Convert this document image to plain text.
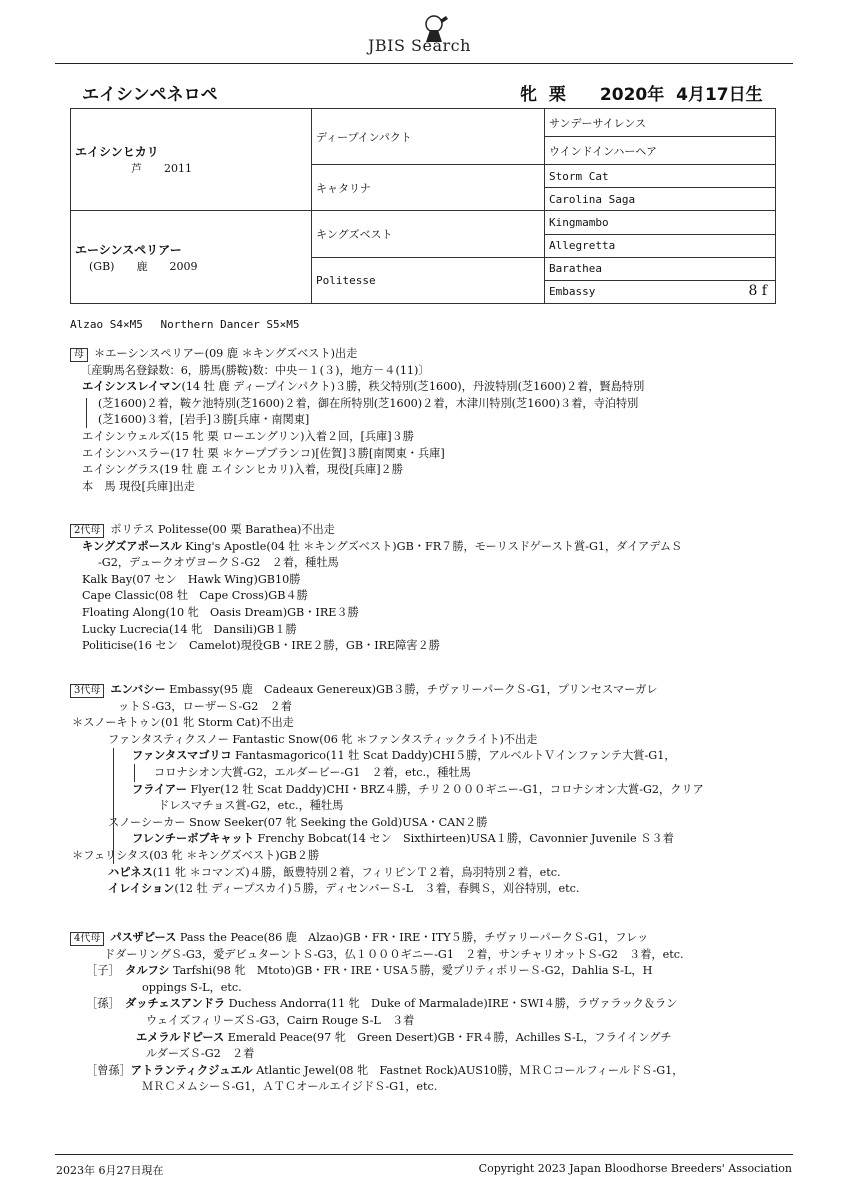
JBIS Search
エイシンペネロペ	牝 栗　　2020年 4月17日生
エイシンヒカリ
芦　　2011	ディープインパクト	サンデーサイレンス
		ウインドインハーヘア
	キャタリナ	Storm Cat
		Carolina Saga

エーシンスペリアー
(GB)　　鹿　　2009	キングズベスト	Kingmambo
		Allegretta
	Politesse	Barathea
		Embassy 8 f
Alzao S4×M5　 Northern Dancer S5×M5
母 ＊エーシンスペリアー(09 鹿 ＊キングズベスト)出走
〔産駒馬名登録数：6，勝馬(勝鞍)数：中央－１(３)，地方－４(11)〕
エイシンスレイマン(14 牡 鹿 ディープインパクト)３勝，秩父特別(芝1600)，丹波特別(芝1600)２着，賢島特別
(芝1600)２着，鞍ケ池特別(芝1600)２着，御在所特別(芝1600)２着，木津川特別(芝1600)３着，寺泊特別
(芝1600)３着，[岩手]３勝[兵庫・南関東]
エイシンウェルズ(15 牝 栗 ローエングリン)入着２回，[兵庫]３勝
エイシンハスラー(17 牡 栗 ＊ケープブランコ)[佐賀]３勝[南関東・兵庫]
エイシングラス(19 牡 鹿 エイシンヒカリ)入着，現役[兵庫]２勝
本　馬 現役[兵庫]出走
2代母 ポリテス Politesse(00 栗 Barathea)不出走
キングズアポースル King's Apostle(04 牡 ＊キングズベスト)GB・FR７勝，モーリスドゲースト賞-G1，ダイアデムＳ
-G2，デュークオヴヨークＳ-G2　２着，種牡馬
Kalk Bay(07 セン　Hawk Wing)GB10勝
Cape Classic(08 牡　Cape Cross)GB４勝
Floating Along(10 牝　Oasis Dream)GB・IRE３勝
Lucky Lucrecia(14 牝　Dansili)GB１勝
Politicise(16 セン　Camelot)現役GB・IRE２勝，GB・IRE障害２勝
3代母 エンバシー Embassy(95 鹿　Cadeaux Genereux)GB３勝，チヴァリーパークＳ-G1，プリンセスマーガレ
ットＳ-G3，ローザーＳ-G2　２着
＊スノーキトゥン(01 牝 Storm Cat)不出走
ファンタスティクスノー Fantastic Snow(06 牝 ＊ファンタスティックライト)不出走
ファンタスマゴリコ Fantasmagorico(11 牡 Scat Daddy)CHI５勝，アルベルトＶインファンテ大賞-G1，
コロナシオン大賞-G2，エルダービー-G1　２着，etc.，種牡馬
フライアー Flyer(12 牡 Scat Daddy)CHI・BRZ４勝，チリ２０００ギニー-G1，コロナシオン大賞-G2，クリア
ドレスマチョス賞-G2，etc.，種牡馬
スノーシーカー Snow Seeker(07 牝 Seeking the Gold)USA・CAN２勝
フレンチーボブキャット Frenchy Bobcat(14 セン　Sixthirteen)USA１勝，Cavonnier Juvenile Ｓ３着
＊フェリシタス(03 牝 ＊キングズベスト)GB２勝
ハピネス(11 牝 ＊コマンズ)４勝，飯豊特別２着，フィリピンＴ２着，鳥羽特別２着，etc.
イレイション(12 牡 ディープスカイ)５勝，ディセンバーＳ-L　３着，春興Ｓ，刈谷特別，etc.
4代母 パスザピース Pass the Peace(86 鹿　Alzao)GB・FR・IRE・ITY５勝，チヴァリーパークＳ-G1，フレッ
ドダーリングＳ-G3，愛デビュターントＳ-G3，仏１０００ギニー-G1　２着，サンチャリオットＳ-G2　３着，etc.
［子］　 タルフシ Tarfshi(98 牝　Mtoto)GB・FR・IRE・USA５勝，愛プリティポリーＳ-G2，Dahlia S-L，H
oppings S-L，etc.
［孫］　 ダッチェスアンドラ Duchess Andorra(11 牝　Duke of Marmalade)IRE・SWI４勝，ラヴァラック＆ラン
ウェイズフィリーズＳ-G3，Cairn Rouge S-L　３着
エメラルドピース Emerald Peace(97 牝　Green Desert)GB・FR４勝，Achilles S-L，フライイングチ
ルダーズＳ-G2　２着
［曾孫］アトランティクジュエル Atlantic Jewel(08 牝　Fastnet Rock)AUS10勝，ＭＲＣコールフィールドＳ-G1，
ＭＲＣメムシーＳ-G1，ＡＴＣオールエイジドＳ-G1，etc.
2023年 6月27日現在	Copyright 2023 Japan Bloodhorse Breeders' Association
